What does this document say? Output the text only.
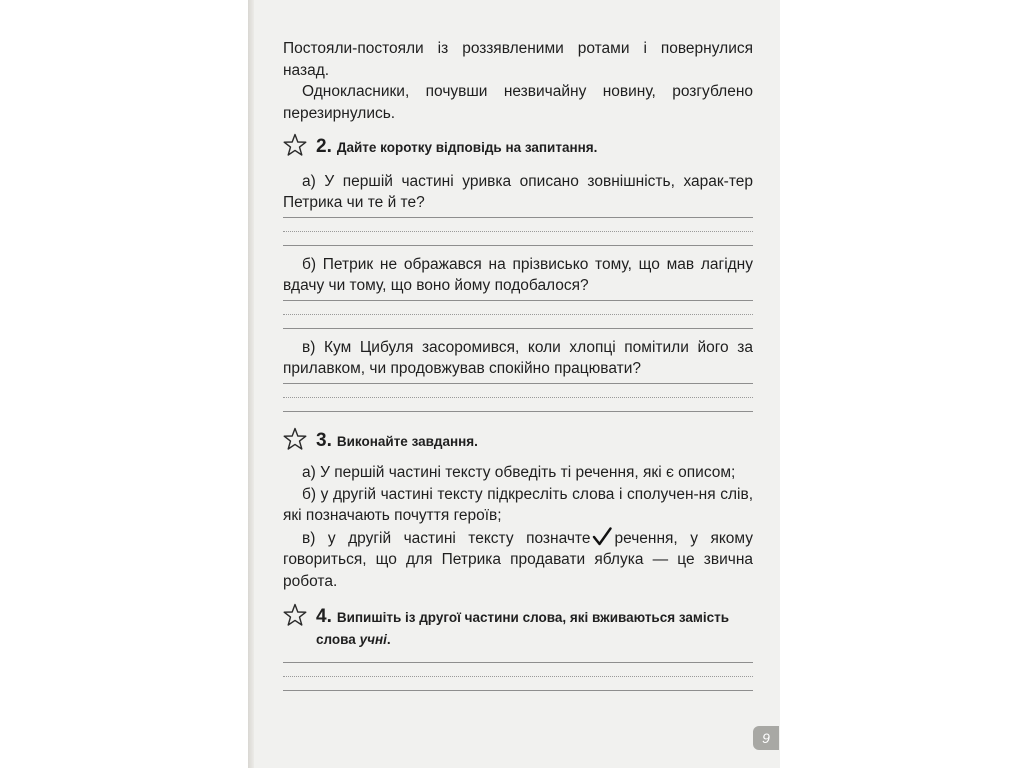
Постояли-постояли із роззявленими ротами і повернулися назад.

Однокласники, почувши незвичайну новину, розгублено перезирнулись.

2. Дайте коротку відповідь на запитання.

а) У першій частині уривка описано зовнішність, харак-тер Петрика чи те й те?

б) Петрик не ображався на прізвисько тому, що мав лагідну вдачу чи тому, що воно йому подобалося?

в) Кум Цибуля засоромився, коли хлопці помітили його за прилавком, чи продовжував спокійно працювати?

3. Виконайте завдання.

а) У першій частині тексту обведіть ті речення, які є описом;

б) у другій частині тексту підкресліть слова і сполучен-ня слів, які позначають почуття героїв;

в) у другій частині тексту позначте речення, у якому говориться, що для Петрика продавати яблука — це звична робота.

4. Випишіть із другої частини слова, які вживаються замість слова учні.
9
